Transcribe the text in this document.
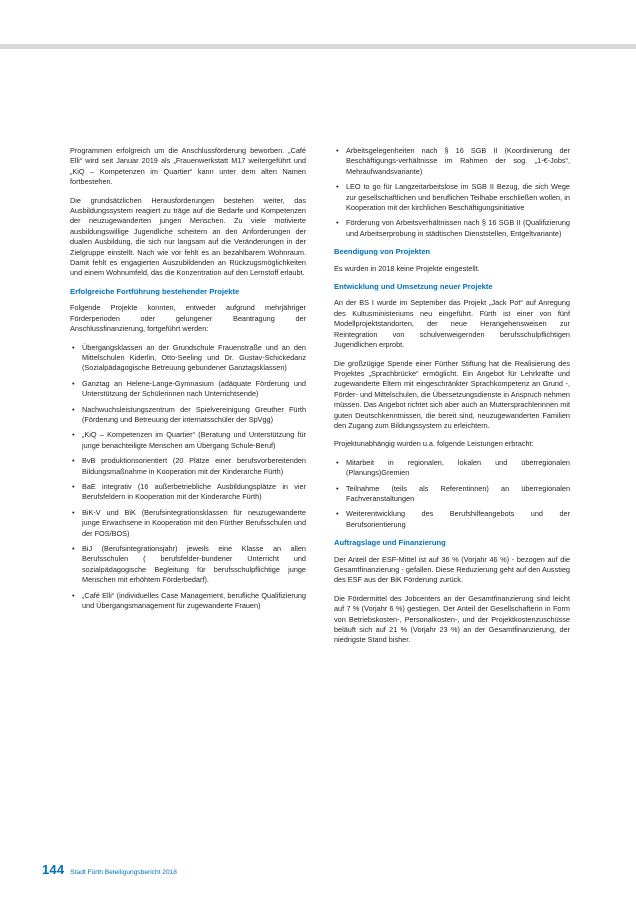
Programmen erfolgreich um die Anschlussförderung beworben. „Café Elli“ wird seit Januar 2019 als „Frauenwerkstatt M17 weitergeführt und „KiQ – Kompetenzen im Quartier“ kann unter dem alten Namen fortbestehen.

Die grundsätzlichen Herausforderungen bestehen weiter, das Ausbildungssystem reagiert zu träge auf die Bedarfe und Kompetenzen der neuzugewanderten jungen Menschen. Zu viele motivierte ausbildungswillige Jugendliche scheitern an den Anforderungen der dualen Ausbildung, die sich nur langsam auf die Veränderungen in der Zielgruppe einstellt. Nach wie vor fehlt es an bezahlbarem Wohnraum. Damit fehlt es engagierten Auszubildenden an Rückzugsmöglichkeiten und einem Wohnumfeld, das die Konzentration auf den Lernstoff erlaubt.

Erfolgreiche Fortführung bestehender Projekte

Folgende Projekte konnten, entweder aufgrund mehrjähriger Förderperioden oder gelungener Beantragung der Anschlussfinanzierung, fortgeführt werden:

• Übergangsklassen an der Grundschule Frauenstraße und an den Mittelschulen Kiderlin, Otto-Seeling und Dr. Gustav-Schickedanz (Sozialpädagogische Betreuung gebundener Ganztagsklassen)
• Ganztag an Helene-Lange-Gymnasium (adäquate Förderung und Unterstützung der Schülerinnen nach Unterrichtsende)
• Nachwuchsleistungszentrum der Spielvereinigung Greuther Fürth (Förderung und Betreuung der internatsschüler der SpVgg)
• „KiQ – Kompetenzen im Quartier“ (Beratung und Unterstützung für junge benachteiligte Menschen am Übergang Schule-Beruf)
• BvB produktionsorientiert (20 Plätze einer berufsvorbereitenden Bildungsmaßnahme in Kooperation mit der Kinderarche Fürth)
• BaE integrativ (16 außerbetriebliche Ausbildungsplätze in vier Berufsfeldern in Kooperation mit der Kinderarche Fürth)
• BiK-V und BiK (Berufsintegrationsklassen für neuzugewanderte junge Erwachsene in Kooperation mit den Fürther Berufsschulen und der FOS/BOS)
• BiJ (Berufsintegrationsjahr) jeweils eine Klasse an allen Berufsschulen ( berufsfelder-bundener Unterricht und sozialpädagogische Begleitung für berufsschulpflichtige junge Menschen mit erhöhtem Förderbedarf).
• „Café Elli“ (individuelles Case Management, berufliche Qualifizierung und Übergangsmanagement für zugewanderte Frauen)
• Arbeitsgelegenheiten nach § 16 SGB II (Koordinierung der Beschäftigungs-verhältnisse im Rahmen der sog. „1-€-Jobs“, Mehraufwandsvariante)
• LEO to go für Langzeitarbeitslose im SGB II Bezug, die sich Wege zur gesellschaftlichen und beruflichen Teilhabe erschließen wollen, in Kooperation mit der kirchlichen Beschäftigungsinitiative
• Förderung von Arbeitsverhältnissen nach § 16 SGB II (Qualifizierung und Arbeitserprobung in städtischen Dienststellen, Entgeltvariante)
Beendigung von Projekten

Es wurden in 2018 keine Projekte eingestellt.

Entwicklung und Umsetzung neuer Projekte

An der BS I wurde im September das Projekt „Jack Pot“ auf Anregung des Kultusministeriums neu eingeführt. Fürth ist einer von fünf Modellprojektstandorten, der neue Herangehensweisen zur Reintegration von schulverweigernden berufsschulpflichtigen Jugendlichen erprobt.

Die großzügige Spende einer Fürther Stiftung hat die Realisierung des Projektes „Sprachbrücke“ ermöglicht. Ein Angebot für Lehrkräfte und zugewanderte Eltern mit eingeschränkter Sprachkompetenz an Grund -, Förder- und Mittelschulen, die Übersetzungsdienste in Anspruch nehmen müssen. Das Angebot richtet sich aber auch an Muttersprachlerinnen mit guten Deutschkenntnissen, die bereit sind, neuzugewanderten Familien den Zugang zum Bildungssystem zu erleichtern.

Projektunabhängig wurden u.a. folgende Leistungen erbracht:

• Mitarbeit in regionalen, lokalen und überregionalen (Planungs)Gremien
• Teilnahme (teils als Referentinnen) an überregionalen Fachveranstaltungen
• Weiterentwicklung des Berufshilfeangebots und der Berufsorientierung
Auftragslage und Finanzierung

Der Anteil der ESF-Mittel ist auf 36 % (Vorjahr 46 %) - bezogen auf die Gesamtfinanzierung - gefallen. Diese Reduzierung geht auf den Ausstieg des ESF aus der BiK Förderung zurück.

Die Fördermittel des Jobcenters an der Gesamtfinanzierung sind leicht auf 7 % (Vorjahr 6 %) gestiegen. Der Anteil der Gesellschafterin in Form von Betriebskosten-, Personalkosten-, und der Projektkostenzuschüsse beläuft sich auf 21 % (Vorjahr 23 %) an der Gesamtfinanzierung, der niedrigste Stand bisher.

144 Stadt Fürth Beteiligungsbericht 2018
